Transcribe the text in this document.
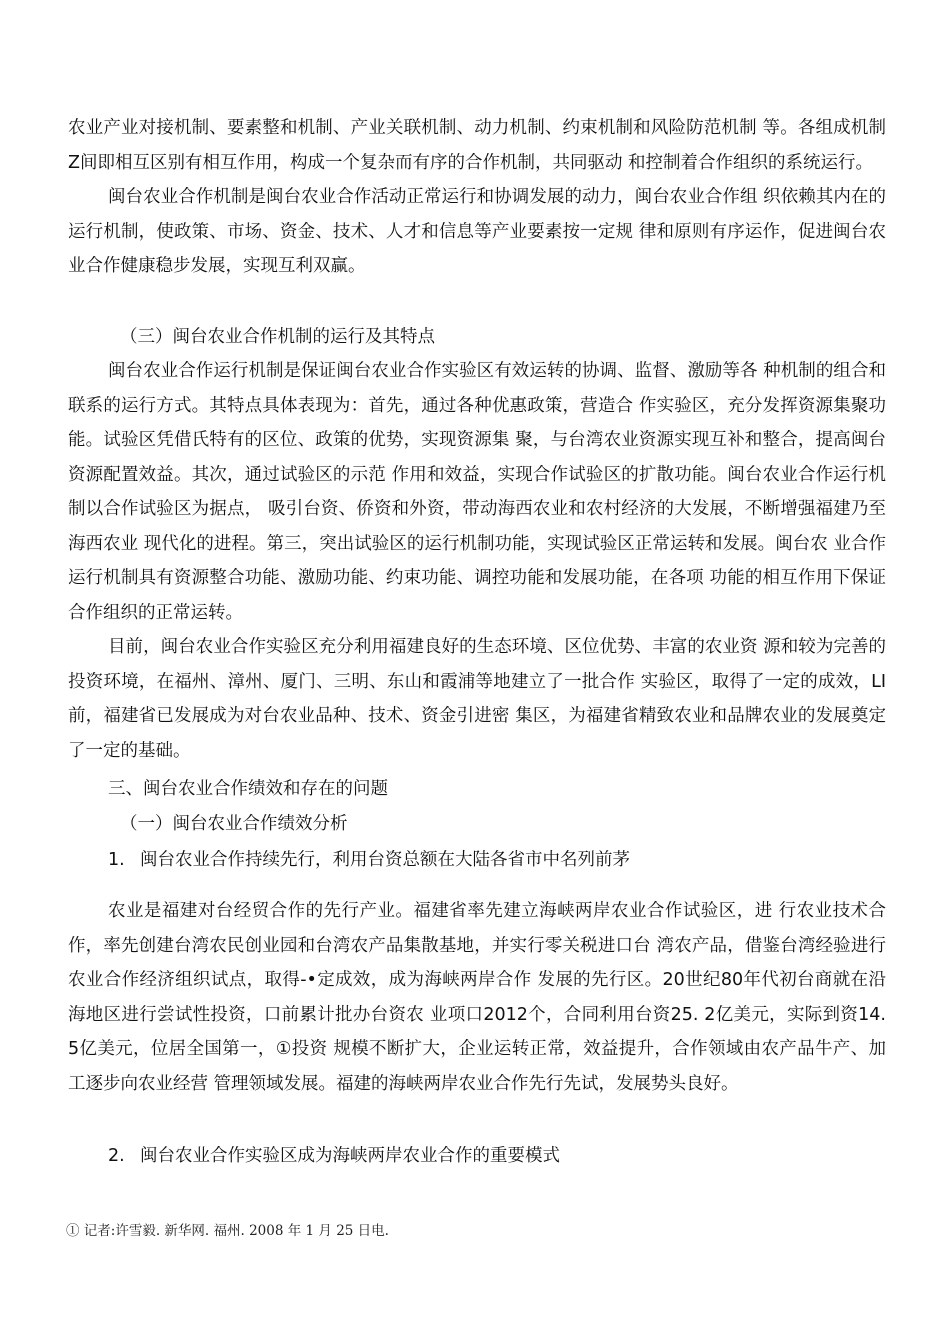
农业产业对接机制、要素整和机制、产业关联机制、动力机制、约束机制和风险防范机制 等。各组成机制Z间即相互区别有相互作用，构成一个复杂而有序的合作机制，共同驱动 和控制着合作组织的系统运行。

闽台农业合作机制是闽台农业合作活动正常运行和协调发展的动力，闽台农业合作组 织依赖其内在的运行机制，使政策、市场、资金、技术、人才和信息等产业要素按一定规 律和原则有序运作，促进闽台农业合作健康稳步发展，实现互利双赢。

（三）闽台农业合作机制的运行及其特点

闽台农业合作运行机制是保证闽台农业合作实验区有效运转的协调、监督、激励等各 种机制的组合和联系的运行方式。其特点具体表现为：首先，通过各种优惠政策，营造合 作实验区，充分发挥资源集聚功能。试验区凭借氏特有的区位、政策的优势，实现资源集 聚，与台湾农业资源实现互补和整合，提高闽台资源配置效益。其次，通过试验区的示范 作用和效益，实现合作试验区的扩散功能。闽台农业合作运行机制以合作试验区为据点， 吸引台资、侨资和外资，带动海西农业和农村经济的大发展，不断增强福建乃至海西农业 现代化的进程。第三，突出试验区的运行机制功能，实现试验区正常运转和发展。闽台农 业合作运行机制具有资源整合功能、激励功能、约束功能、调控功能和发展功能，在各项 功能的相互作用下保证合作组织的正常运转。

目前，闽台农业合作实验区充分利用福建良好的生态环境、区位优势、丰富的农业资 源和较为完善的投资环境，在福州、漳州、厦门、三明、东山和霞浦等地建立了一批合作 实验区，取得了一定的成效，LI前，福建省已发展成为对台农业品种、技术、资金引进密 集区，为福建省精致农业和品牌农业的发展奠定了一定的基础。

三、闽台农业合作绩效和存在的问题
（一）闽台农业合作绩效分析
1. 闽台农业合作持续先行，利用台资总额在大陆各省市中名列前茅

农业是福建对台经贸合作的先行产业。福建省率先建立海峡两岸农业合作试验区，进 行农业技术合作，率先创建台湾农民创业园和台湾农产品集散基地，并实行零关税进口台 湾农产品，借鉴台湾经验进行农业合作经济组织试点，取得-•定成效，成为海峡两岸合作 发展的先行区。20世纪80年代初台商就在沿海地区进行尝试性投资，口前累计批办台资农 业项口2012个，合同利用台资25. 2亿美元，实际到资14. 5亿美元，位居全国第一，①投资 规模不断扩大，企业运转正常，效益提升，合作领域由农产品牛产、加工逐步向农业经营 管理领域发展。福建的海峡两岸农业合作先行先试，发展势头良好。

2. 闽台农业合作实验区成为海峡两岸农业合作的重要模式
① 记者:许雪毅. 新华网. 福州. 2008 年 1 月 25 日电.
